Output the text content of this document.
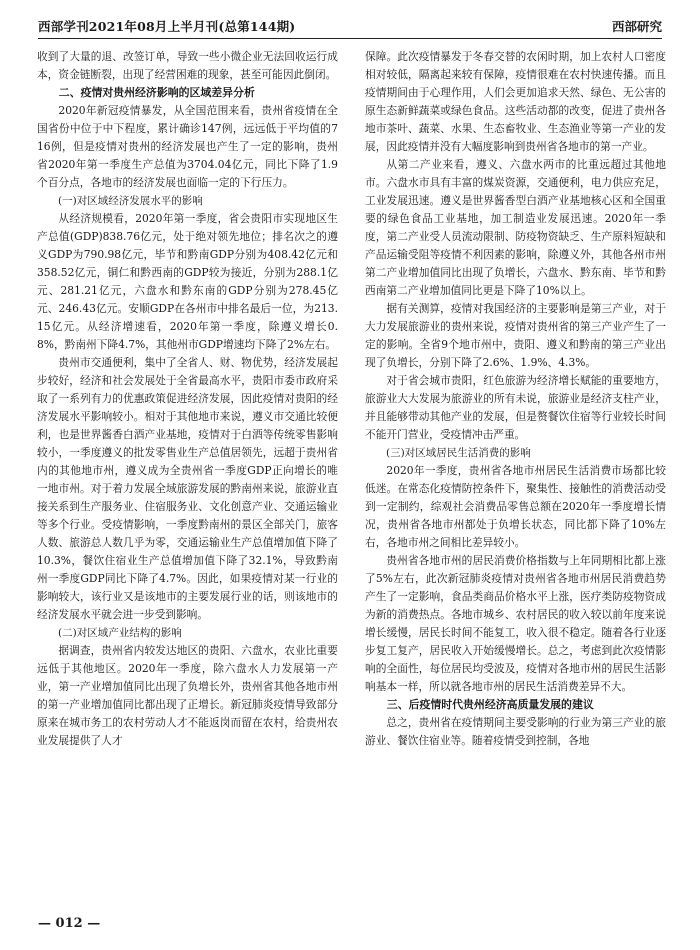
西部学刊2021年08月上半月刊(总第144期)	西部研究

收到了大量的退、改签订单，导致一些小微企业无法回收运行成本，资金链断裂，出现了经营困难的现象，甚至可能因此倒闭。

二、疫情对贵州经济影响的区域差异分析

2020年新冠疫情暴发，从全国范围来看，贵州省疫情在全国省份中位于中下程度，累计确诊147例，远远低于平均值的716例，但是疫情对贵州的经济发展也产生了一定的影响，贵州省2020年第一季度生产总值为3704.04亿元，同比下降了1.9个百分点，各地市的经济发展也面临一定的下行压力。

(一)对区域经济发展水平的影响

从经济规模看，2020年第一季度，省会贵阳市实现地区生产总值(GDP)838.76亿元，处于绝对领先地位；排名次之的遵义GDP为790.98亿元，毕节和黔南GDP分别为408.42亿元和358.52亿元，铜仁和黔西南的GDP较为接近，分别为288.1亿元、281.21亿元，六盘水和黔东南的GDP分别为278.45亿元、246.43亿元。安顺GDP在各州市中排名最后一位，为213.15亿元。从经济增速看，2020年第一季度，除遵义增长0.8%，黔南州下降4.7%，其他州市GDP增速均下降了2%左右。

贵州市交通便利，集中了全省人、财、物优势，经济发展起步较好，经济和社会发展处于全省最高水平，贵阳市委市政府采取了一系列有力的优惠政策促进经济发展，因此疫情对贵阳的经济发展水平影响较小。相对于其他地市来说，遵义市交通比较便利，也是世界酱香白酒产业基地，疫情对于白酒等传统零售影响较小，一季度遵义的批发零售业生产总值居领先，远超于贵州省内的其他地市州，遵义成为全贵州省一季度GDP正向增长的唯一地市州。对于着力发展全域旅游发展的黔南州来说，旅游业直接关系到生产服务业、住宿服务业、文化创意产业、交通运输业等多个行业。受疫情影响，一季度黔南州的景区全部关门，旅客人数、旅游总人数几乎为零，交通运输业生产总值增加值下降了10.3%，餐饮住宿业生产总值增加值下降了32.1%，导致黔南州一季度GDP同比下降了4.7%。因此，如果疫情对某一行业的影响较大，该行业又是该地市的主要发展行业的话，则该地市的经济发展水平就会进一步受到影响。

(二)对区域产业结构的影响

据调查，贵州省内较发达地区的贵阳、六盘水，农业比重要远低于其他地区。2020年一季度，除六盘水人力发展第一产业，第一产业增加值同比出现了负增长外，贵州省其他各地市州的第一产业增加值同比都出现了正增长。新冠肺炎疫情导致部分原来在城市务工的农村劳动人才不能返岗而留在农村，给贵州农业发展提供了人才

保障。此次疫情暴发于冬春交替的农闲时期，加上农村人口密度相对较低，隔离起来较有保障，疫情很难在农村快速传播。而且疫情期间由于心理作用，人们会更加追求天然、绿色、无公害的原生态新鲜蔬菜或绿色食品。这些活动都的改变，促进了贵州各地市茶叶、蔬菜、水果、生态畜牧业、生态渔业等第一产业的发展，因此疫情并没有大幅度影响到贵州省各地市的第一产业。

从第二产业来看，遵义、六盘水两市的比重远超过其他地市。六盘水市具有丰富的煤炭资源，交通便利，电力供应充足，工业发展迅速。遵义是世界酱香型白酒产业基地核心区和全国重要的绿色食品工业基地，加工制造业发展迅速。2020年一季度，第二产业受人员流动限制、防疫物资缺乏、生产原料短缺和产品运输受阻等疫情不利因素的影响，除遵义外，其他各州市州第二产业增加值同比出现了负增长，六盘水、黔东南、毕节和黔西南第二产业增加值同比更是下降了10%以上。

据有关测算，疫情对我国经济的主要影响是第三产业，对于大力发展旅游业的贵州来说，疫情对贵州省的第三产业产生了一定的影响。全省9个地市州中，贵阳、遵义和黔南的第三产业出现了负增长，分别下降了2.6%、1.9%、4.3%。

对于省会城市贵阳，红色旅游为经济增长赋能的重要地方，旅游业大大发展为旅游业的所有未说，旅游业是经济支柱产业，并且能够带动其他产业的发展，但是赘餐饮住宿等行业较长时间不能开门营业，受疫情冲击严重。

(三)对区域居民生活消费的影响

2020年一季度，贵州省各地市州居民生活消费市场都比较低迷。在常态化疫情防控条件下，聚集性、接触性的消费活动受到一定制约，综观社会消费品零售总额在2020年一季度增长情况，贵州省各地市州都处于负增长状态，同比都下降了10%左右，各地市州之间相比差异较小。

贵州省各地市州的居民消费价格指数与上年同期相比都上涨了5%左右，此次新冠肺炎疫情对贵州省各地市州居民消费趋势产生了一定影响，食品类商品价格水平上涨，医疗类防疫物资成为新的消费热点。各地市城乡、农村居民的收入较以前年度来说增长缓慢，居民长时间不能复工，收入很不稳定。随着各行业逐步复工复产，居民收入开始缓慢增长。总之，考虑到此次疫情影响的全面性，每位居民均受波及，疫情对各地市州的居民生活影响基本一样，所以就各地市州的居民生活消费差异不大。

三、后疫情时代贵州经济高质量发展的建议

总之，贵州省在疫情期间主要受影响的行业为第三产业的旅游业、餐饮住宿业等。随着疫情受到控制，各地

— 012 —
